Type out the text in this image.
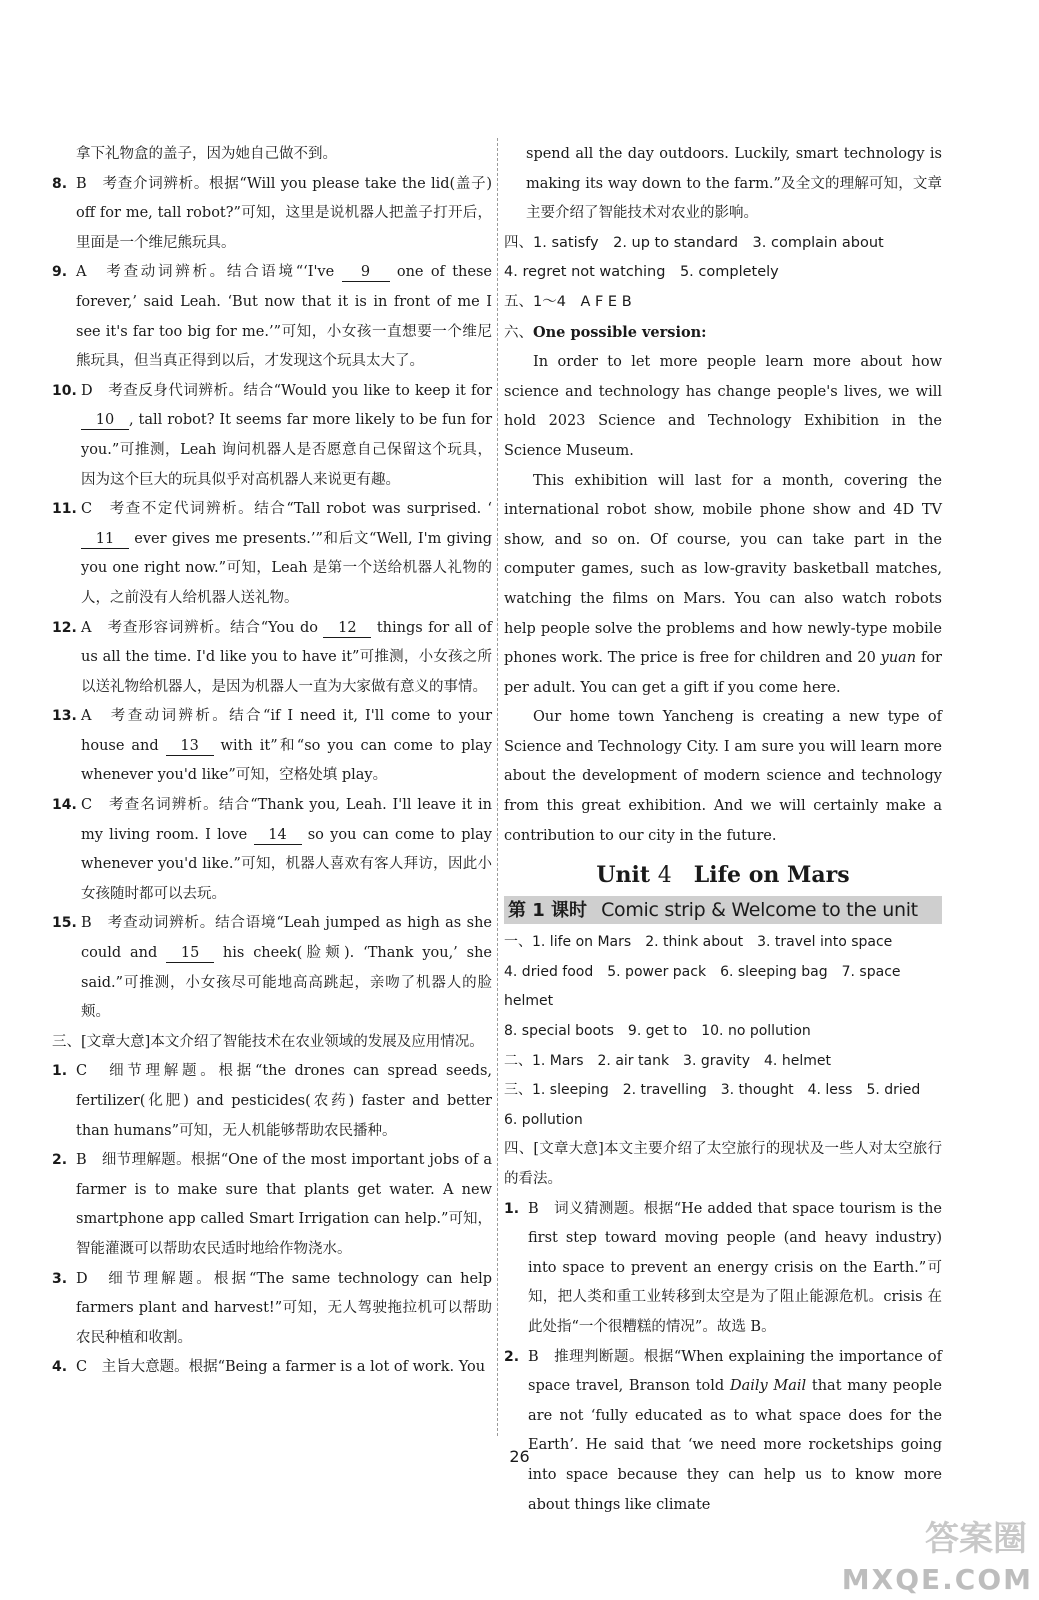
拿下礼物盒的盖子，因为她自己做不到。

8. B　考查介词辨析。根据“Will you please take the lid(盖子) off for me, tall robot?”可知，这里是说机器人把盖子打开后，里面是一个维尼熊玩具。
9. A　考查动词辨析。结合语境“‘I've 9 one of these forever,’ said Leah. ‘But now that it is in front of me I see it's far too big for me.’”可知，小女孩一直想要一个维尼熊玩具，但当真正得到以后，才发现这个玩具太大了。
10. D　考查反身代词辨析。结合“Would you like to keep it for 10 , tall robot? It seems far more likely to be fun for you.”可推测，Leah 询问机器人是否愿意自己保留这个玩具，因为这个巨大的玩具似乎对高机器人来说更有趣。
11. C　考查不定代词辨析。结合“Tall robot was surprised. ‘11 ever gives me presents.’”和后文“Well, I'm giving you one right now.”可知，Leah 是第一个送给机器人礼物的人，之前没有人给机器人送礼物。
12. A　考查形容词辨析。结合“You do 12 things for all of us all the time. I'd like you to have it”可推测，小女孩之所以送礼物给机器人，是因为机器人一直为大家做有意义的事情。
13. A　考查动词辨析。结合“if I need it, I'll come to your house and 13 with it”和“so you can come to play whenever you'd like”可知，空格处填 play。
14. C　考查名词辨析。结合“Thank you, Leah. I'll leave it in my living room. I love 14 so you can come to play whenever you'd like.”可知，机器人喜欢有客人拜访，因此小女孩随时都可以去玩。
15. B　考查动词辨析。结合语境“Leah jumped as high as she could and 15 his cheek(脸颊). ‘Thank you,’ she said.”可推测，小女孩尽可能地高高跳起，亲吻了机器人的脸颊。

三、[文章大意]本文介绍了智能技术在农业领域的发展及应用情况。

1. C　细节理解题。根据“the drones can spread seeds, fertilizer(化肥) and pesticides(农药) faster and better than humans”可知，无人机能够帮助农民播种。
2. B　细节理解题。根据“One of the most important jobs of a farmer is to make sure that plants get water. A new smartphone app called Smart Irrigation can help.”可知，智能灌溉可以帮助农民适时地给作物浇水。
3. D　细节理解题。根据“The same technology can help farmers plant and harvest!”可知，无人驾驶拖拉机可以帮助农民种植和收割。
4. C　主旨大意题。根据“Being a farmer is a lot of work. You

spend all the day outdoors. Luckily, smart technology is making its way down to the farm.”及全文的理解可知，文章主要介绍了智能技术对农业的影响。

四、1. satisfy　 2. up to standard　 3. complain about
4. regret not watching　 5. completely
五、1～4　A F E B
六、One possible version:

In order to let more people learn more about how science and technology has change people's lives, we will hold 2023 Science and Technology Exhibition in the Science Museum.

This exhibition will last for a month, covering the international robot show, mobile phone show and 4D TV show, and so on. Of course, you can take part in the computer games, such as low-gravity basketball matches, watching the films on Mars. You can also watch robots help people solve the problems and how newly-type mobile phones work. The price is free for children and 20 yuan for per adult. You can get a gift if you come here.

Our home town Yancheng is creating a new type of Science and Technology City. I am sure you will learn more about the development of modern science and technology from this great exhibition. And we will certainly make a contribution to our city in the future.

Unit 4　 Life on Mars
第 1 课时 Comic strip & Welcome to the unit
一、1. life on Mars　 2. think about　 3. travel into space
4. dried food　 5. power pack　 6. sleeping bag　 7. space helmet
8. special boots　 9. get to　 10. no pollution
二、1. Mars　2. air tank　3. gravity　4. helmet
三、1. sleeping　2. travelling　3. thought　4. less　5. dried
6. pollution

四、[文章大意]本文主要介绍了太空旅行的现状及一些人对太空旅行的看法。

1. B　词义猜测题。根据“He added that space tourism is the first step toward moving people (and heavy industry) into space to prevent an energy crisis on the Earth.”可知，把人类和重工业转移到太空是为了阻止能源危机。crisis 在此处指“一个很糟糕的情况”。故选 B。
2. B　推理判断题。根据“When explaining the importance of space travel, Branson told Daily Mail that many people are not ‘fully educated as to what space does for the Earth’. He said that ‘we need more rocketships going into space because they can help us to know more about things like climate
26
答案圈
MXQE.COM
